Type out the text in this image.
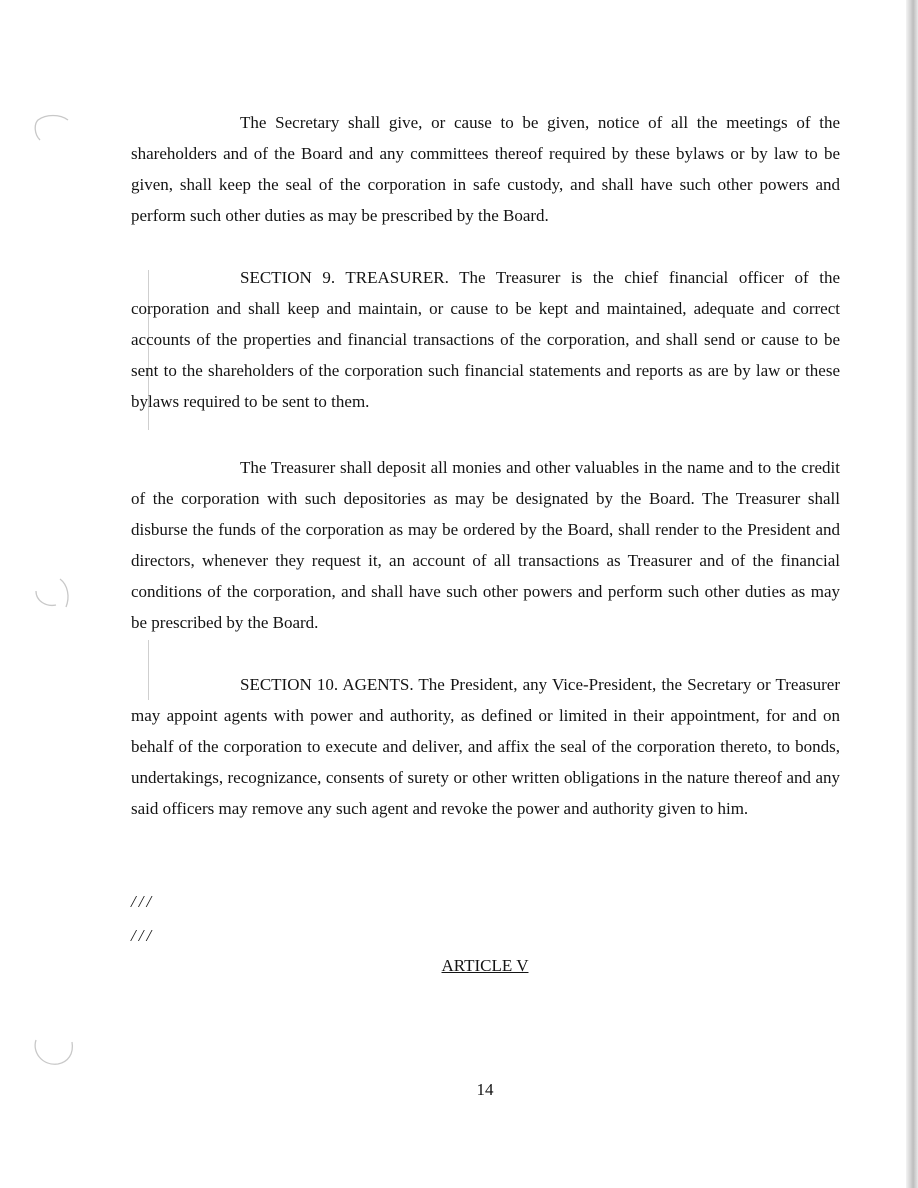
The Secretary shall give, or cause to be given, notice of all the meetings of the shareholders and of the Board and any committees thereof required by these bylaws or by law to be given, shall keep the seal of the corporation in safe custody, and shall have such other powers and perform such other duties as may be prescribed by the Board.

SECTION 9. TREASURER. The Treasurer is the chief financial officer of the corporation and shall keep and maintain, or cause to be kept and maintained, adequate and correct accounts of the properties and financial transactions of the corporation, and shall send or cause to be sent to the shareholders of the corporation such financial statements and reports as are by law or these bylaws required to be sent to them.

The Treasurer shall deposit all monies and other valuables in the name and to the credit of the corporation with such depositories as may be designated by the Board. The Treasurer shall disburse the funds of the corporation as may be ordered by the Board, shall render to the President and directors, whenever they request it, an account of all transactions as Treasurer and of the financial conditions of the corporation, and shall have such other powers and perform such other duties as may be prescribed by the Board.

SECTION 10. AGENTS. The President, any Vice-President, the Secretary or Treasurer may appoint agents with power and authority, as defined or limited in their appointment, for and on behalf of the corporation to execute and deliver, and affix the seal of the corporation thereto, to bonds, undertakings, recognizance, consents of surety or other written obligations in the nature thereof and any said officers may remove any such agent and revoke the power and authority given to him.

///

///

ARTICLE V

14
